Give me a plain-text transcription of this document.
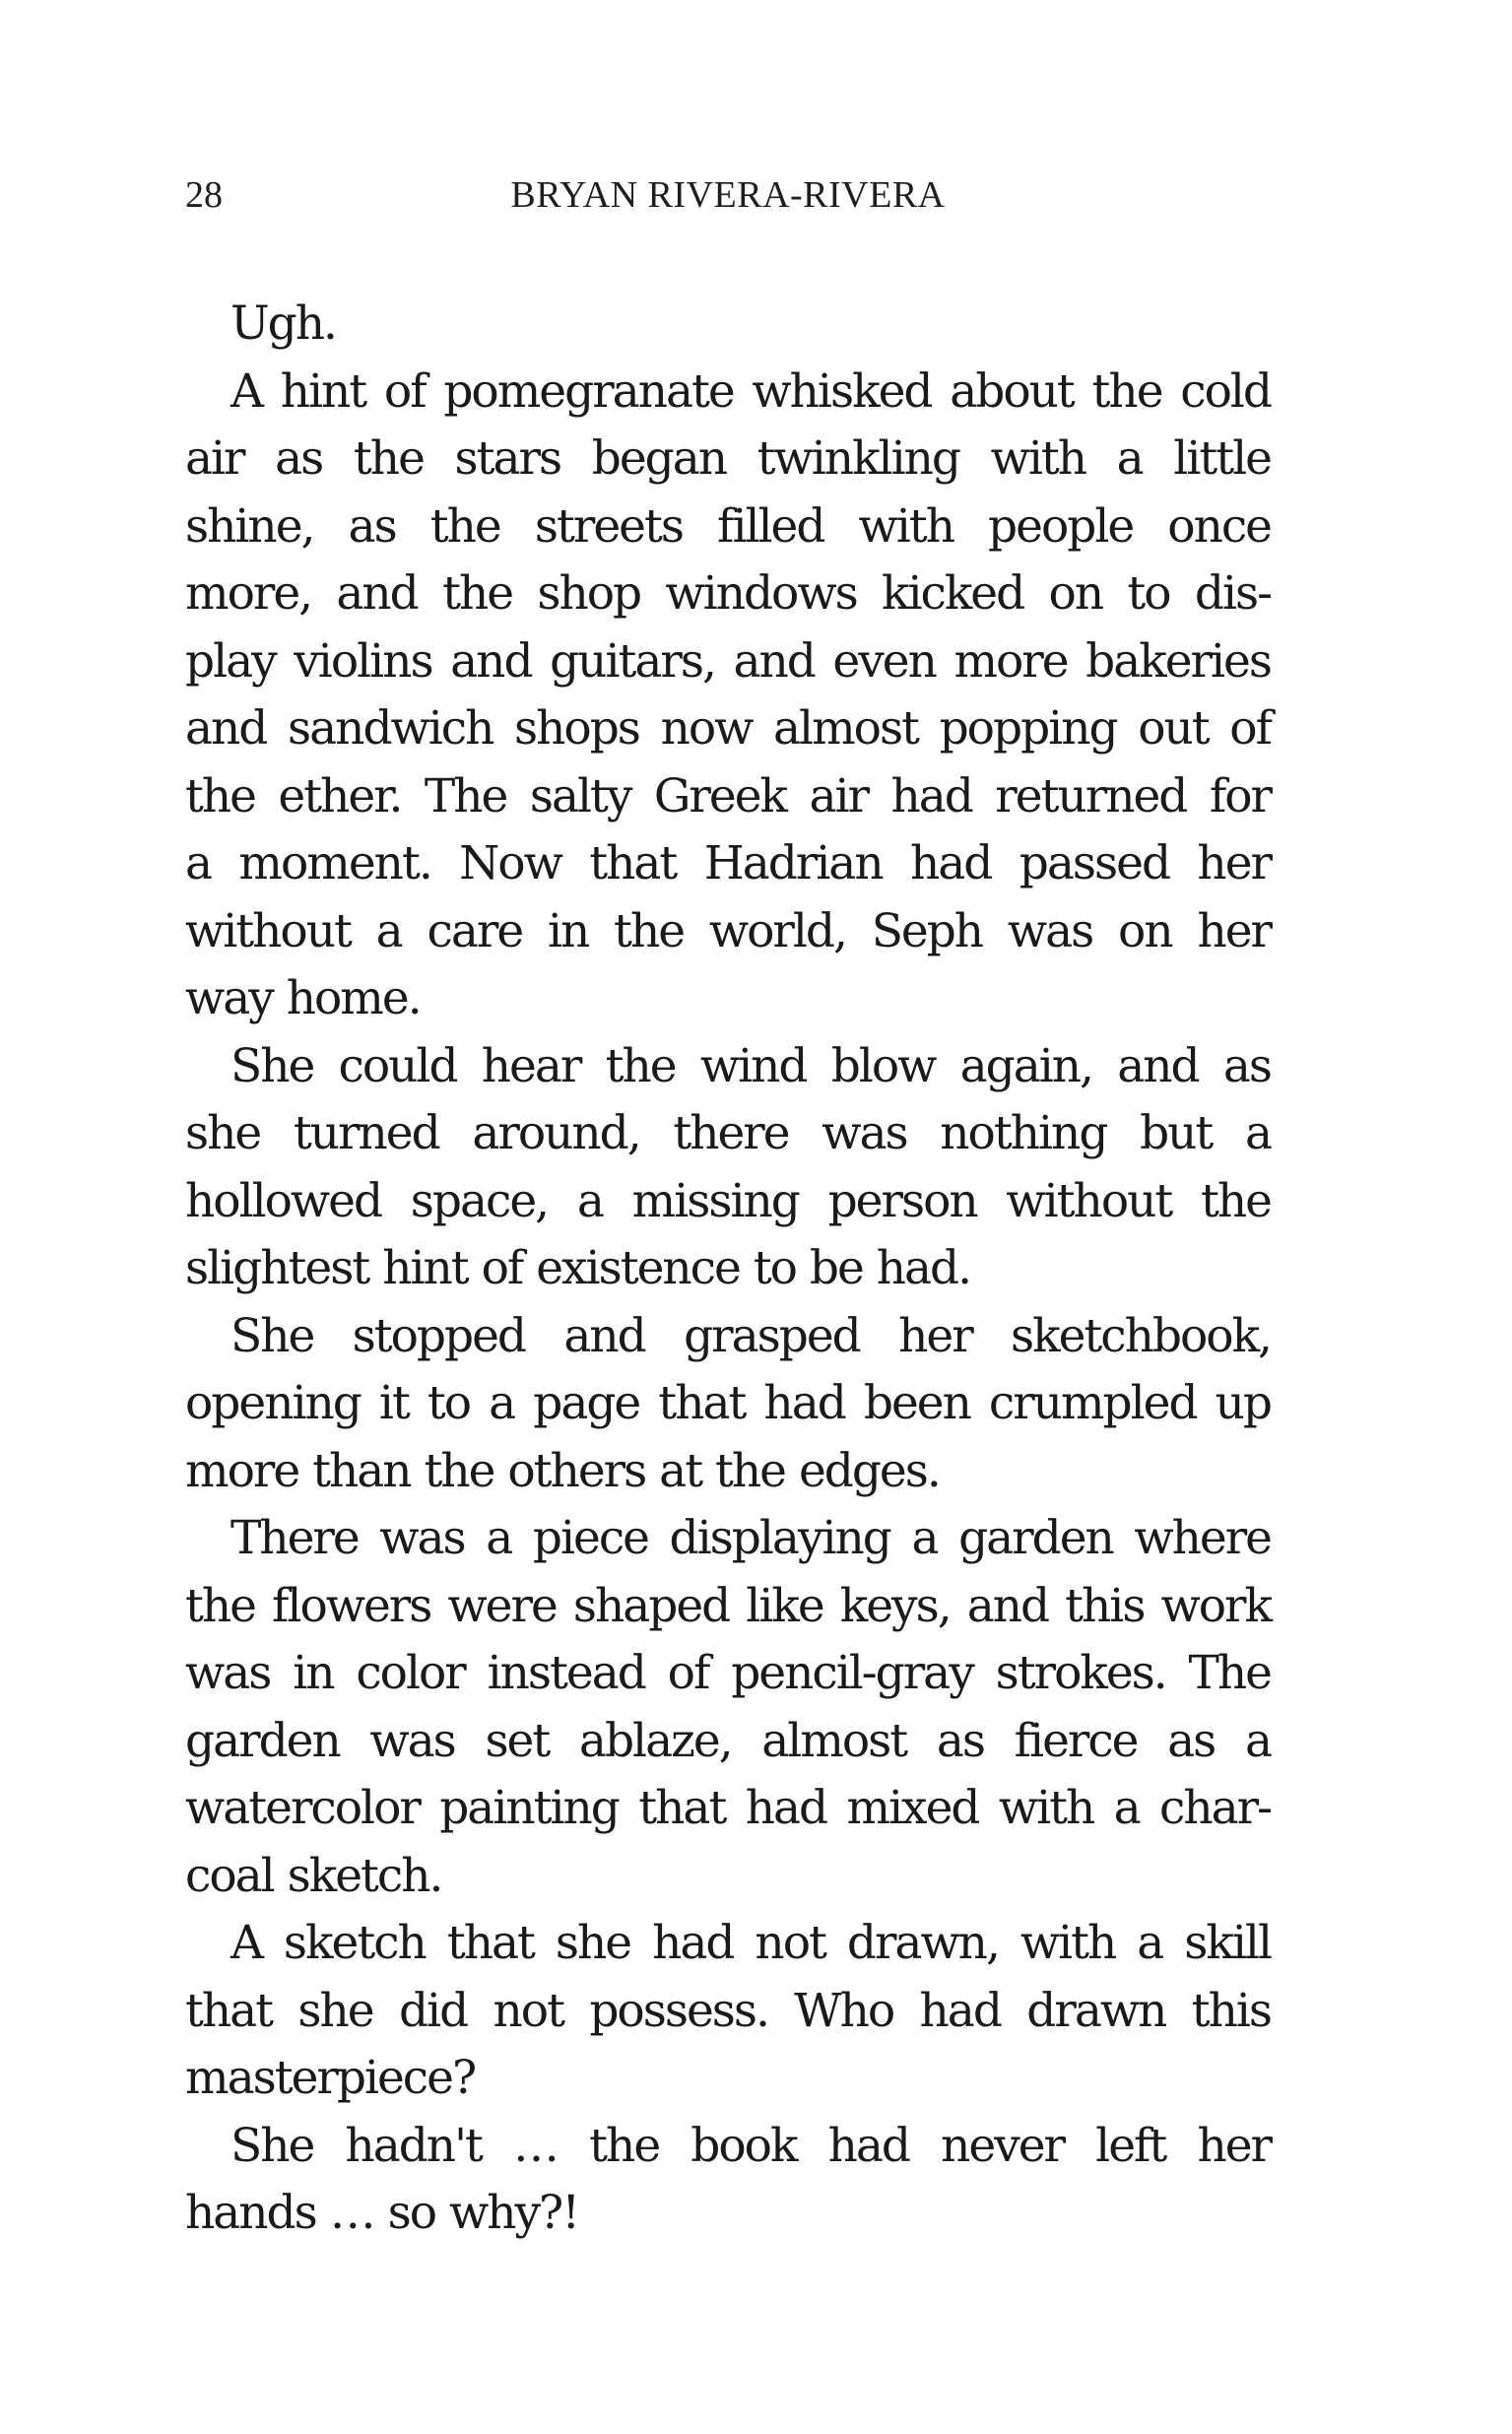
28	BRYAN RIVERA-RIVERA

Ugh.

A hint of pomegranate whisked about the cold
air as the stars began twinkling with a little
shine, as the streets filled with people once
more, and the shop windows kicked on to dis-
play violins and guitars, and even more bakeries
and sandwich shops now almost popping out of
the ether. The salty Greek air had returned for
a moment. Now that Hadrian had passed her
without a care in the world, Seph was on her
way home.

She could hear the wind blow again, and as
she turned around, there was nothing but a
hollowed space, a missing person without the
slightest hint of existence to be had.

She stopped and grasped her sketchbook,
opening it to a page that had been crumpled up
more than the others at the edges.

There was a piece displaying a garden where
the flowers were shaped like keys, and this work
was in color instead of pencil-gray strokes. The
garden was set ablaze, almost as fierce as a
watercolor painting that had mixed with a char-
coal sketch.

A sketch that she had not drawn, with a skill
that she did not possess. Who had drawn this
masterpiece?

She hadn't … the book had never left her
hands … so why?!
